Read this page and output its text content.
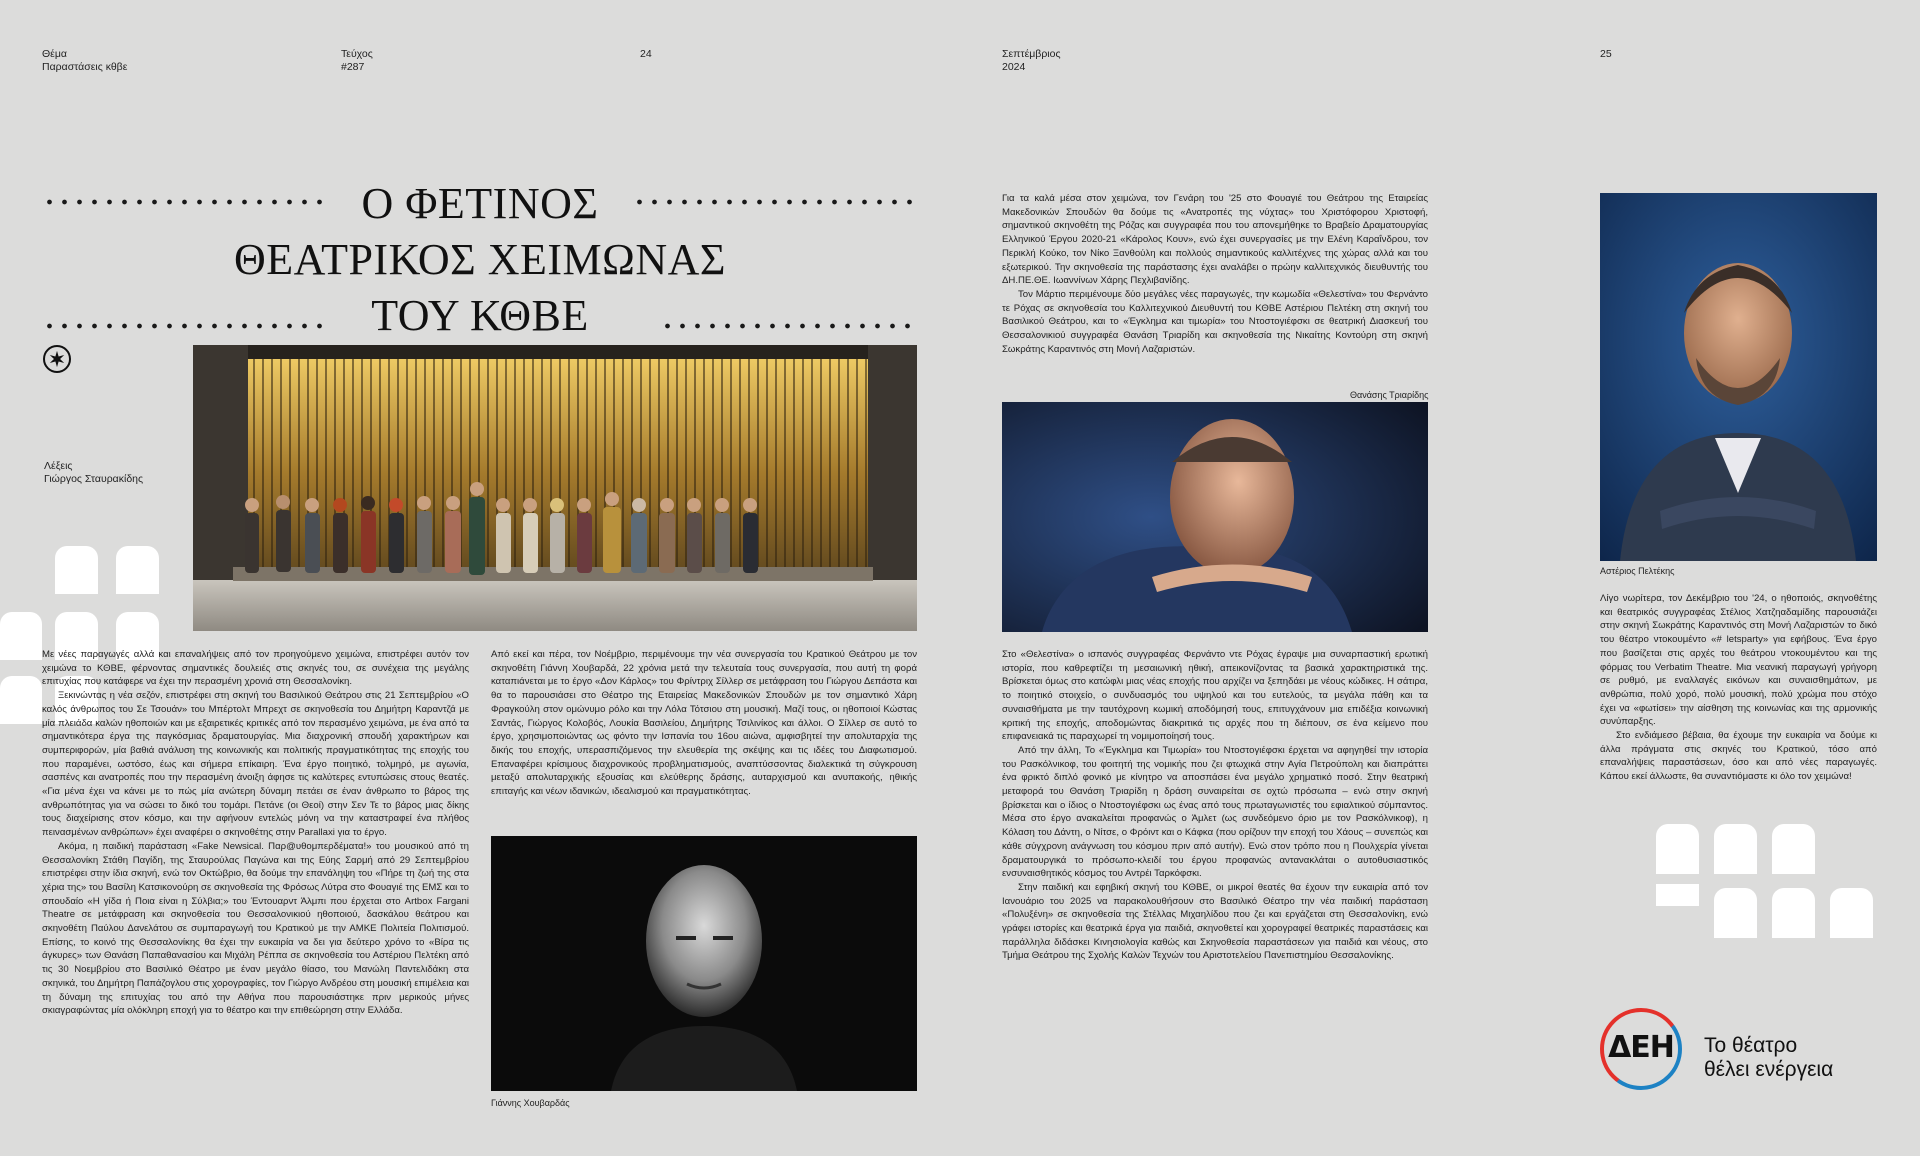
Θέμα
Παραστάσεις κθβε
Τεύχος
#287
24	Σεπτέμβριος
2024
25
Ο ΦΕΤΙΝΟΣ
ΘΕΑΤΡΙΚΟΣ ΧΕΙΜΩΝΑΣ
ΤΟΥ ΚΘΒΕ
Λέξεις
Γιώργος Σταυρακίδης

Με νέες παραγωγές αλλά και επαναλήψεις από τον προηγούμενο χειμώνα, επιστρέφει αυτόν τον χειμώνα το ΚΘΒΕ, φέρνοντας σημαντικές δουλειές στις σκηνές του, σε συνέχεια της μεγάλης επιτυχίας που κατάφερε να έχει την περασμένη χρονιά στη Θεσσαλονίκη.

Ξεκινώντας η νέα σεζόν, επιστρέφει στη σκηνή του Βασιλικού Θεάτρου στις 21 Σεπτεμβρίου «Ο καλός άνθρωπος του Σε Τσουάν» του Μπέρτολτ Μπρεχτ σε σκηνοθεσία του Δημήτρη Καραντζά με μία πλειάδα καλών ηθοποιών και με εξαιρετικές κριτικές από τον περασμένο χειμώνα, με ένα από τα σημαντικότερα έργα της παγκόσμιας δραματουργίας. Μια διαχρονική σπουδή χαρακτήρων και συμπεριφορών, μία βαθιά ανάλυση της κοινωνικής και πολιτικής πραγματικότητας της εποχής του που παραμένει, ωστόσο, έως και σήμερα επίκαιρη. Ένα έργο ποιητικό, τολμηρό, με αγωνία, σασπένς και ανατροπές που την περασμένη άνοιξη άφησε τις καλύτερες εντυπώσεις στους θεατές. «Για μένα έχει να κάνει με το πώς μία ανώτερη δύναμη πετάει σε έναν άνθρωπο το βάρος της ανθρωπότητας για να σώσει το δικό του τομάρι. Πετάνε (οι Θεοί) στην Σεν Τε το βάρος μιας δίκης τους διαχείρισης στον κόσμο, και την αφήνουν εντελώς μόνη να την καταστραφεί ένα πλήθος πεινασμένων ανθρώπων» έχει αναφέρει ο σκηνοθέτης στην Parallaxi για το έργο.

Ακόμα, η παιδική παράσταση «Fake Newsical. Παρ@υθομπερδέματα!» του μουσικού από τη Θεσσαλονίκη Στάθη Παγίδη, της Σταυρούλας Παγώνα και της Εύης Σαρμή από 29 Σεπτεμβρίου επιστρέφει στην ίδια σκηνή, ενώ τον Οκτώβριο, θα δούμε την επανάληψη του «Πήρε τη ζωή της στα χέρια της» του Βασίλη Κατσικονούρη σε σκηνοθεσία της Φρόσως Λύτρα στο Φουαγιέ της ΕΜΣ και το σπουδαίο «Η γίδα ή Ποια είναι η Σύλβια;» του Έντουαρντ Άλμπι που έρχεται στο Artbox Fargani Theatre σε μετάφραση και σκηνοθεσία του Θεσσαλονικιού ηθοποιού, δασκάλου θεάτρου και σκηνοθέτη Παύλου Δανελάτου σε συμπαραγωγή του Κρατικού με την ΑΜΚΕ Πολιτεία Πολιτισμού. Επίσης, το κοινό της Θεσσαλονίκης θα έχει την ευκαιρία να δει για δεύτερο χρόνο τo «Βίρα τις άγκυρες» των Θανάση Παπαθανασίου και Μιχάλη Ρέππα σε σκηνοθεσία του Αστέριου Πελτέκη από τις 30 Νοεμβρίου στο Βασιλικό Θέατρο με έναν μεγάλο θίασο, του Μανώλη Παντελιδάκη στα σκηνικά, του Δημήτρη Παπάζογλου στις χορογραφίες, τον Γιώργο Ανδρέου στη μουσική επιμέλεια και τη δύναμη της επιτυχίας του από την Αθήνα που παρουσιάστηκε πριν μερικούς μήνες σκιαγραφώντας μία ολόκληρη εποχή για το θέατρο και την επιθεώρηση στην Ελλάδα.

Από εκεί και πέρα, τον Νοέμβριο, περιμένουμε την νέα συνεργασία του Κρατικού Θεάτρου με τον σκηνοθέτη Γιάννη Χουβαρδά, 22 χρόνια μετά την τελευταία τους συνεργασία, που αυτή τη φορά καταπιάνεται με το έργο «Δον Κάρλος» του Φρίντριχ Σίλλερ σε μετάφραση του Γιώργου Δεπάστα και θα το παρουσιάσει στο Θέατρο της Εταιρείας Μακεδονικών Σπουδών με τον σημαντικό Χάρη Φραγκούλη στον ομώνυμο ρόλο και την Λόλα Τότσιου στη μουσική. Μαζί τους, οι ηθοποιοί Κώστας Σαντάς, Γιώργος Κολοβός, Λουκία Βασιλείου, Δημήτρης Τσιλινίκος και άλλοι. Ο Σίλλερ σε αυτό το έργο, χρησιμοποιώντας ως φόντο την Ισπανία του 16ου αιώνα, αμφισβητεί την απολυταρχία της δικής του εποχής, υπερασπιζόμενος την ελευθερία της σκέψης και τις ιδέες του Διαφωτισμού. Επαναφέρει κρίσιμους διαχρονικούς προβληματισμούς, αναπτύσσοντας διαλεκτικά τη σύγκρουση μεταξύ απολυταρχικής εξουσίας και ελεύθερης δράσης, αυταρχισμού και ανυπακοής, ηθικής επιταγής και νέων ιδανικών, ιδεαλισμού και πραγματικότητας.

Γιάννης Χουβαρδάς

Για τα καλά μέσα στον χειμώνα, τον Γενάρη του '25 στο Φουαγιέ του Θεάτρου της Εταιρείας Μακεδονικών Σπουδών θα δούμε τις «Ανατροπές της νύχτας» του Χριστόφορου Χριστοφή, σημαντικού σκηνοθέτη της Ρόζας και συγγραφέα που του απονεμήθηκε το Βραβείο Δραματουργίας Ελληνικού Έργου 2020-21 «Κάρολος Κουν», ενώ έχει συνεργασίες με την Ελένη Καραΐνδρου, τον Περικλή Κούκο, τον Νίκο Ξανθούλη και πολλούς σημαντικούς καλλιτέχνες της χώρας αλλά και του εξωτερικού. Την σκηνοθεσία της παράστασης έχει αναλάβει ο πρώην καλλιτεχνικός διευθυντής του ΔΗ.ΠΕ.ΘΕ. Ιωαννίνων Χάρης Πεχλιβανίδης.

Τον Μάρτιο περιμένουμε δύο μεγάλες νέες παραγωγές, την κωμωδία «Θελεστίνα» του Φερνάντο τε Ρόχας σε σκηνοθεσία του Καλλιτεχνικού Διευθυντή του ΚΘΒΕ Αστέριου Πελτέκη στη σκηνή του Βασιλικού Θεάτρου, και το «Έγκλημα και τιμωρία» του Ντοστογιέφσκι σε θεατρική Διασκευή του Θεσσαλονικιού συγγραφέα Θανάση Τριαρίδη και σκηνοθεσία της Νικαίτης Κοντούρη στη σκηνή Σωκράτης Καραντινός στη Μονή Λαζαριστών.

Θανάσης Τριαρίδης

Στο «Θελεστίνα» ο ισπανός συγγραφέας Φερνάντο ντε Ρόχας έγραψε μια συναρπαστική ερωτική ιστορία, που καθρεφτίζει τη μεσαιωνική ηθική, απεικονίζοντας τα βασικά χαρακτηριστικά της. Βρίσκεται όμως στο κατώφλι μιας νέας εποχής που αρχίζει να ξεπηδάει με νέους κώδικες. Η σάτιρα, το ποιητικό στοιχείο, ο συνδυασμός του υψηλού και του ευτελούς, τα μεγάλα πάθη και τα συναισθήματα με την ταυτόχρονη κωμική αποδόμησή τους, επιτυγχάνουν μια επιδέξια κοινωνική κριτική της εποχής, αποδομώντας διακριτικά τις αρχές που τη διέπουν, σε ένα κείμενο που επιφανειακά τις παραχωρεί τη νομιμοποίησή τους.

Από την άλλη, Το «Έγκλημα και Τιμωρία» του Ντοστογιέφσκι έρχεται να αφηγηθεί την ιστορία του Ρασκόλνικοφ, του φοιτητή της νομικής που ζει φτωχικά στην Αγία Πετρούπολη και διαπράττει ένα φρικτό διπλό φονικό με κίνητρο να αποσπάσει ένα μεγάλο χρηματικό ποσό. Στην θεατρική μεταφορά του Θανάση Τριαρίδη η δράση συναιρείται σε οχτώ πρόσωπα – ενώ στην σκηνή βρίσκεται και ο ίδιος ο Ντοστογιέφσκι ως ένας από τους πρωταγωνιστές του εφιαλτικού σύμπαντος. Μέσα στο έργο ανακαλείται προφανώς ο Άμλετ (ως συνδεόμενο όριο με τον Ρασκόλνικοφ), η Κόλαση του Δάντη, ο Νίτσε, ο Φρόιντ και ο Κάφκα (που ορίζουν την εποχή του Χάους – συνεπώς και κάθε σύγχρονη ανάγνωση του κόσμου πριν από αυτήν). Ενώ στον τρόπο που η Πουλχερία γίνεται δραματουργικά το πρόσωπο-κλειδί του έργου προφανώς αντανακλάται ο αυτοθυσιαστικός ενσυναισθητικός κόσμος του Αντρέι Ταρκόφσκι.

Στην παιδική και εφηβική σκηνή του ΚΘΒΕ, οι μικροί θεατές θα έχουν την ευκαιρία από τον Ιανουάριο του 2025 να παρακολουθήσουν στο Βασιλικό Θέατρο την νέα παιδική παράσταση «Πολυξένη» σε σκηνοθεσία της Στέλλας Μιχαηλίδου που ζει και εργάζεται στη Θεσσαλονίκη, ενώ γράφει ιστορίες και θεατρικά έργα για παιδιά, σκηνοθετεί και χορογραφεί θεατρικές παραστάσεις και παράλληλα διδάσκει Κινησιολογία καθώς και Σκηνοθεσία παραστάσεων για παιδιά και νέους, στο Τμήμα Θεάτρου της Σχολής Καλών Τεχνών του Αριστοτελείου Πανεπιστημίου Θεσσαλονίκης.

Αστέριος Πελτέκης

Λίγο νωρίτερα, τον Δεκέμβριο του '24, ο ηθοποιός, σκηνοθέτης και θεατρικός συγγραφέας Στέλιος Χατζηαδαμίδης παρουσιάζει στην σκηνή Σωκράτης Καραντινός στη Μονή Λαζαριστών το δικό του θέατρο ντοκουμέντο «# letsparty» για εφήβους. Ένα έργο που βασίζεται στις αρχές του θεάτρου ντοκουμέντου και της φόρμας του Verbatim Theatre. Μια νεανική παραγωγή γρήγορη σε ρυθμό, με εναλλαγές εικόνων και συναισθημάτων, με ανθρώπια, πολύ χορό, πολύ μουσική, πολύ χρώμα που στόχο έχει να «φωτίσει» την αίσθηση της κοινωνίας και της αρμονικής συνύπαρξης.

Στο ενδιάμεσο βέβαια, θα έχουμε την ευκαιρία να δούμε κι άλλα πράγματα στις σκηνές του Κρατικού, τόσο από επαναλήψεις παραστάσεων, όσο και από νέες παραγωγές. Κάπου εκεί άλλωστε, θα συναντιόμαστε κι όλο τον χειμώνα!

ΔΕΗ	Το θέατρο
θέλει ενέργεια
